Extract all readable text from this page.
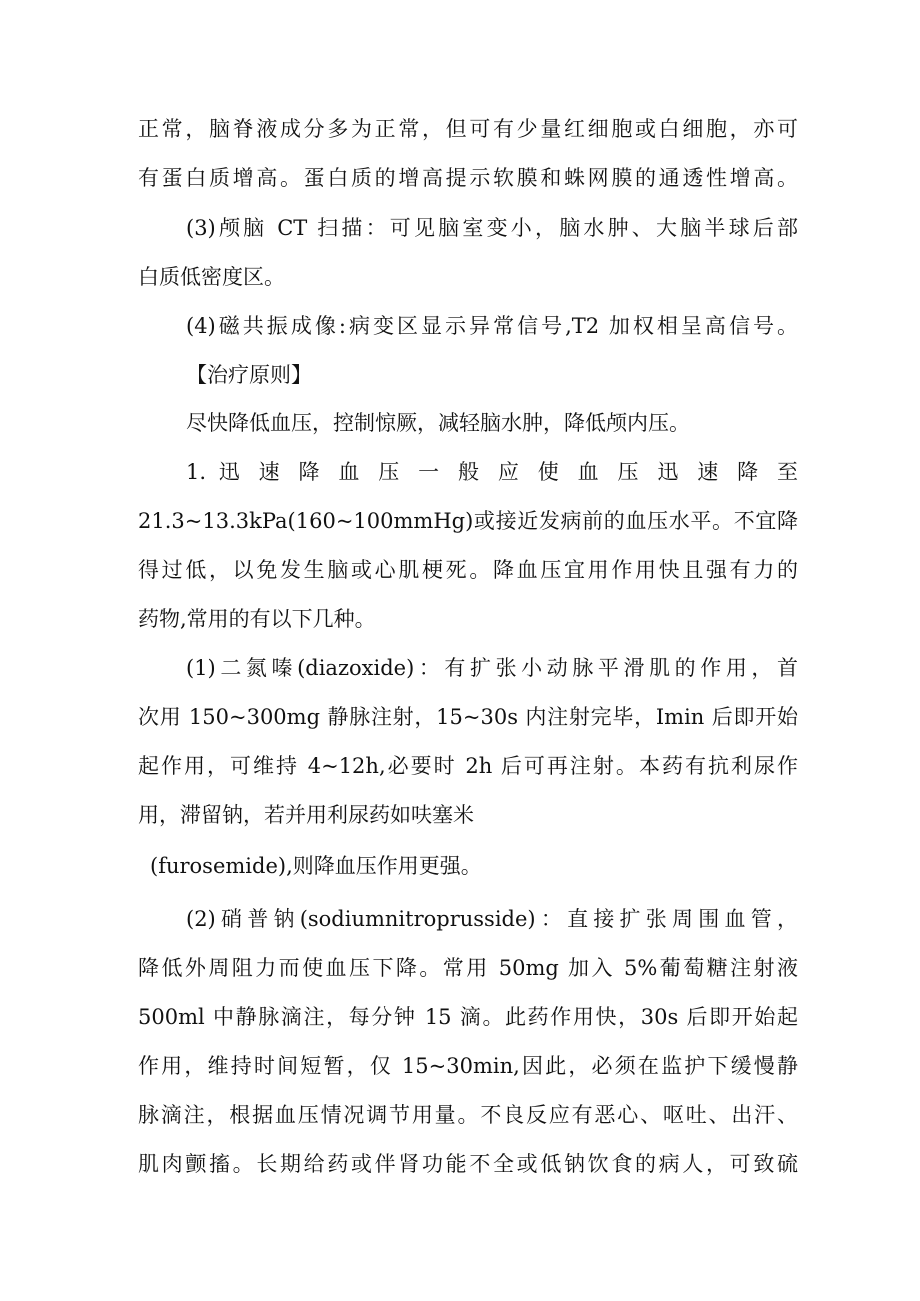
正常，脑脊液成分多为正常，但可有少量红细胞或白细胞，亦可
有蛋白质增高。蛋白质的增高提示软膜和蛛网膜的通透性增高。
(3)颅脑 CT 扫描：可见脑室变小，脑水肿、大脑半球后部
白质低密度区。
(4)磁共振成像:病变区显示异常信号,T2 加权相呈高信号。
【治疗原则】
尽快降低血压，控制惊厥，减轻脑水肿，降低颅内压。
1. 迅 速 降 血 压 一 般 应 使 血 压 迅 速 降 至
21.3~13.3kPa(160~100mmHg)或接近发病前的血压水平。不宜降
得过低，以免发生脑或心肌梗死。降血压宜用作用快且强有力的
药物,常用的有以下几种。
(1)二氮嗪(diazoxide)：有扩张小动脉平滑肌的作用，首
次用 150~300mg 静脉注射，15~30s 内注射完毕，Imin 后即开始
起作用，可维持 4~12h,必要时 2h 后可再注射。本药有抗利尿作
用，滞留钠，若并用利尿药如呋塞米
(furosemide),则降血压作用更强。
(2)硝普钠(sodiumnitroprusside)：直接扩张周围血管，
降低外周阻力而使血压下降。常用 50mg 加入 5%葡萄糖注射液
500ml 中静脉滴注，每分钟 15 滴。此药作用快，30s 后即开始起
作用，维持时间短暂，仅 15~30min,因此，必须在监护下缓慢静
脉滴注，根据血压情况调节用量。不良反应有恶心、呕吐、出汗、
肌肉颤搐。长期给药或伴肾功能不全或低钠饮食的病人，可致硫
